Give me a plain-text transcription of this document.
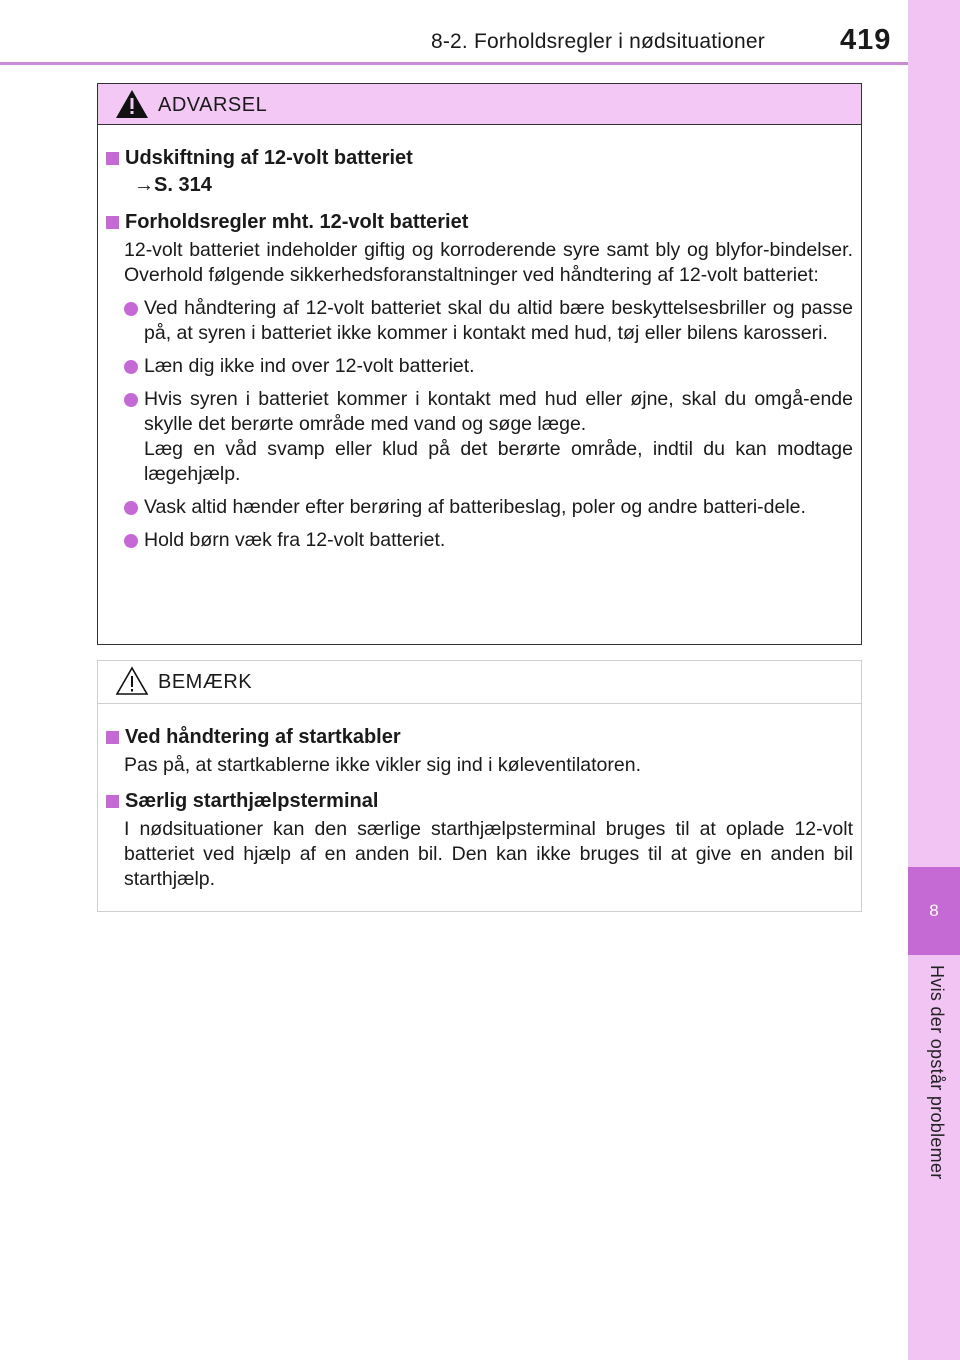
8-2. Forholdsregler i nødsituationer	419
8
Hvis der opstår problemer
ADVARSEL
Udskiftning af 12-volt batteriet
→S. 314
Forholdsregler mht. 12-volt batteriet
12-volt batteriet indeholder giftig og korroderende syre samt bly og blyfor-bindelser. Overhold følgende sikkerhedsforanstaltninger ved håndtering af 12-volt batteriet:
Ved håndtering af 12-volt batteriet skal du altid bære beskyttelsesbriller og passe på, at syren i batteriet ikke kommer i kontakt med hud, tøj eller bilens karosseri.
Læn dig ikke ind over 12-volt batteriet.
Hvis syren i batteriet kommer i kontakt med hud eller øjne, skal du omgå-ende skylle det berørte område med vand og søge læge.
Læg en våd svamp eller klud på det berørte område, indtil du kan modtage lægehjælp.
Vask altid hænder efter berøring af batteribeslag, poler og andre batteri-dele.
Hold børn væk fra 12-volt batteriet.
BEMÆRK
Ved håndtering af startkabler
Pas på, at startkablerne ikke vikler sig ind i køleventilatoren.
Særlig starthjælpsterminal
I nødsituationer kan den særlige starthjælpsterminal bruges til at oplade 12-volt batteriet ved hjælp af en anden bil. Den kan ikke bruges til at give en anden bil starthjælp.
